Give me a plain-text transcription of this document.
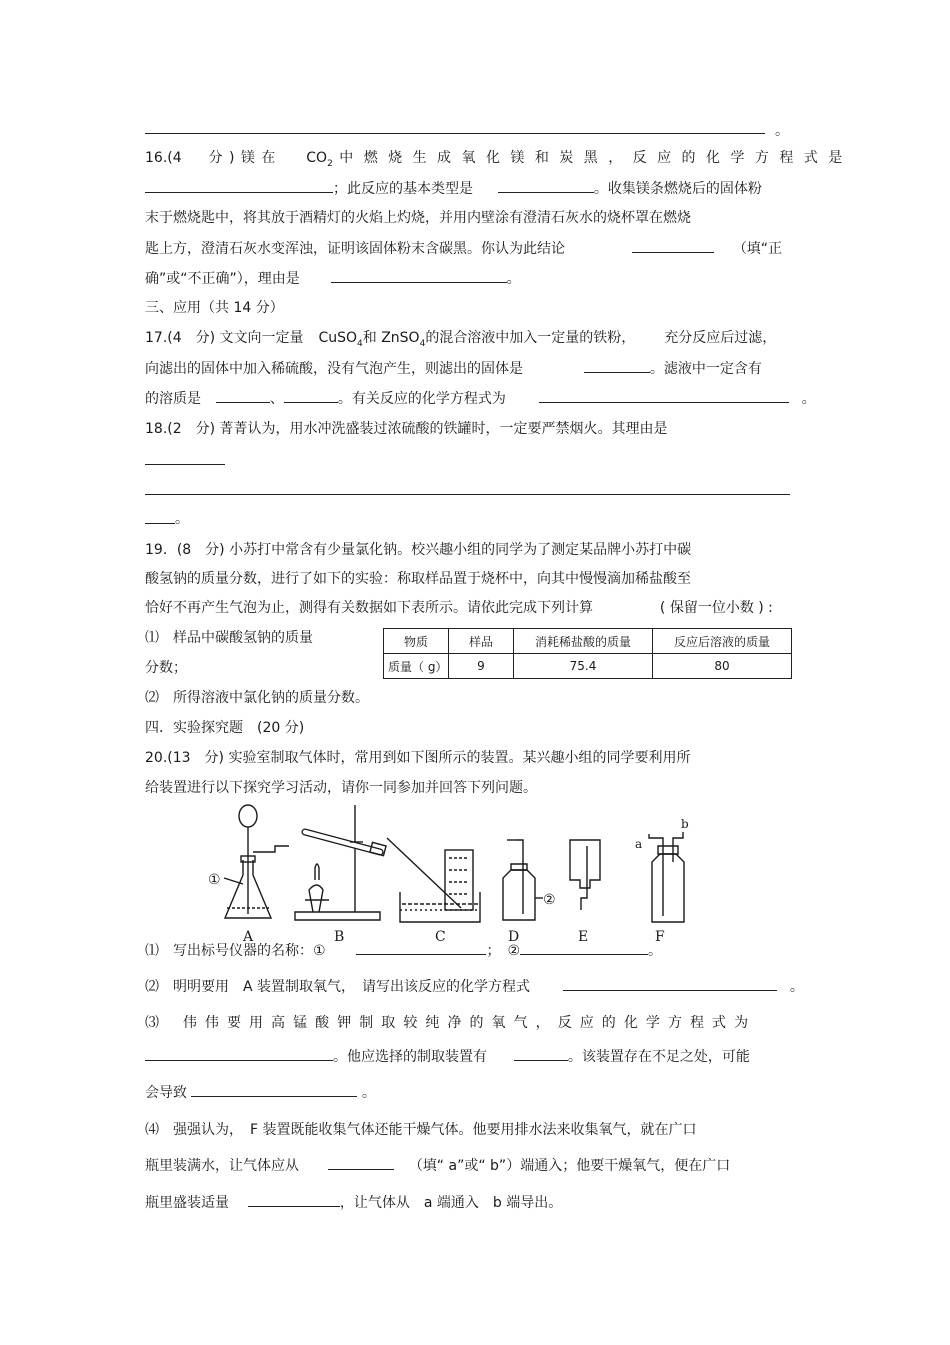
。
16.(4 分 ) 镁 在 $CO_2$ 中 燃 烧 生 成 氧 化 镁 和 炭 黑 ， 反 应 的 化 学 方 程 式 是
；此反应的基本类型是	。收集镁条燃烧后的固体粉
末于燃烧匙中，将其放于酒精灯的火焰上灼烧，并用内壁涂有澄清石灰水的烧杯罩在燃烧
匙上方，澄清石灰水变浑浊，证明该固体粉末含碳黑。你认为此结论	（填“正
确”或“不正确”），理由是	。
三、应用（共 14 分）
17.(4　分) 文文向一定量 CuSO$_4$和 ZnSO$_4$的混合溶液中加入一定量的铁粉， 充分反应后过滤，
向滤出的固体中加入稀硫酸，没有气泡产生，则滤出的固体是	。滤液中一定含有
的溶质是	、	。有关反应的化学方程式为	。
18.(2　分) 菁菁认为，用水冲洗盛装过浓硫酸的铁罐时，一定要严禁烟火。其理由是
。
19．(8　分) 小苏打中常含有少量氯化钠。校兴趣小组的同学为了测定某品牌小苏打中碳
酸氢钠的质量分数，进行了如下的实验：称取样品置于烧杯中，向其中慢慢滴加稀盐酸至
恰好不再产生气泡为止，测得有关数据如下表所示。请依此完成下列计算	( 保留一位小数 ) :
⑴　样品中碳酸氢钠的质量
分数；
⑵　所得溶液中氯化钠的质量分数。
物质	样品	消耗稀盐酸的质量	反应后溶液的质量
质量（ g）	9	75.4	80
四．实验探究题　(20 分)
20.(13　分) 实验室制取气体时，常用到如下图所示的装置。某兴趣小组的同学要利用所
给装置进行以下探究学习活动，请你一同参加并回答下列问题。
①
②
a
b
A	B	C	D	E	F
⑴　写出标号仪器的名称：①	；　②	。
⑵　明明要用　A 装置制取氧气，　请写出该反应的化学方程式	。
⑶　 伟 伟 要 用 高 锰 酸 钾 制 取 较 纯 净 的 氧 气 ， 反 应 的 化 学 方 程 式 为
。他应选择的制取装置有	。该装置存在不足之处，可能
会导致	。
⑷　强强认为，　F 装置既能收集气体还能干燥气体。他要用排水法来收集氧气，就在广口
瓶里装满水，让气体应从	（填“ a”或“ b”）端通入；他要干燥氧气，便在广口
瓶里盛装适量	，让气体从　a 端通入　b 端导出。
